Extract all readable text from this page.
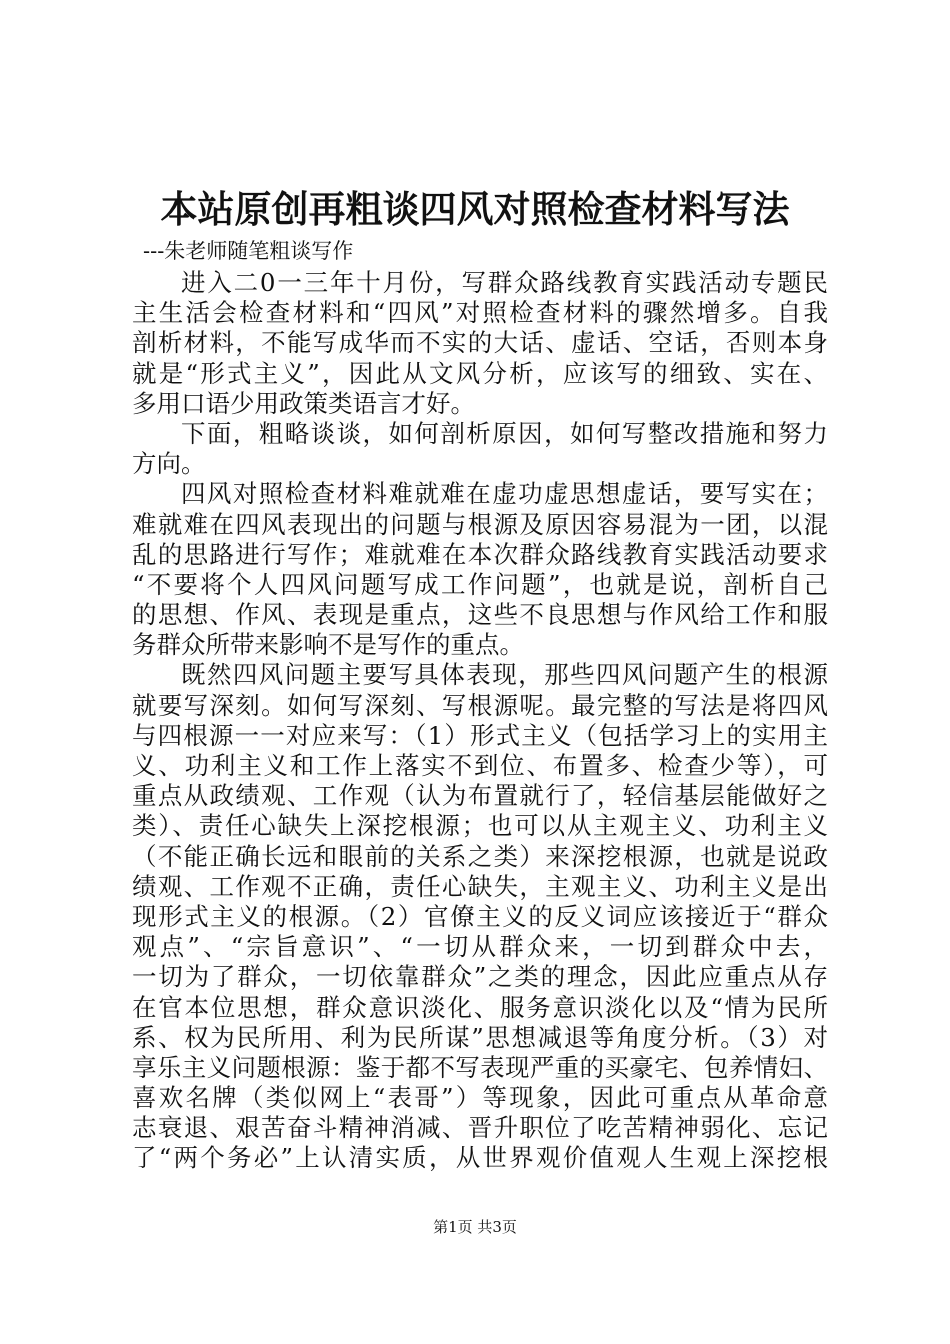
本站原创再粗谈四风对照检查材料写法
---朱老师随笔粗谈写作
进入二0一三年十月份，写群众路线教育实践活动专题民
主生活会检查材料和“四风”对照检查材料的骤然增多。自我
剖析材料，不能写成华而不实的大话、虚话、空话，否则本身
就是“形式主义”，因此从文风分析，应该写的细致、实在、
多用口语少用政策类语言才好。
下面，粗略谈谈，如何剖析原因，如何写整改措施和努力
方向。
四风对照检查材料难就难在虚功虚思想虚话，要写实在；
难就难在四风表现出的问题与根源及原因容易混为一团，以混
乱的思路进行写作；难就难在本次群众路线教育实践活动要求
“不要将个人四风问题写成工作问题”，也就是说，剖析自己
的思想、作风、表现是重点，这些不良思想与作风给工作和服
务群众所带来影响不是写作的重点。
既然四风问题主要写具体表现，那些四风问题产生的根源
就要写深刻。如何写深刻、写根源呢。最完整的写法是将四风
与四根源一一对应来写：（1）形式主义（包括学习上的实用主
义、功利主义和工作上落实不到位、布置多、检查少等），可
重点从政绩观、工作观（认为布置就行了，轻信基层能做好之
类）、责任心缺失上深挖根源；也可以从主观主义、功利主义
（不能正确长远和眼前的关系之类）来深挖根源，也就是说政
绩观、工作观不正确，责任心缺失，主观主义、功利主义是出
现形式主义的根源。（2）官僚主义的反义词应该接近于“群众
观点”、“宗旨意识”、“一切从群众来，一切到群众中去，
一切为了群众，一切依靠群众”之类的理念，因此应重点从存
在官本位思想，群众意识淡化、服务意识淡化以及“情为民所
系、权为民所用、利为民所谋”思想减退等角度分析。（3）对
享乐主义问题根源：鉴于都不写表现严重的买豪宅、包养情妇、
喜欢名牌（类似网上“表哥”）等现象，因此可重点从革命意
志衰退、艰苦奋斗精神消减、晋升职位了吃苦精神弱化、忘记
了“两个务必”上认清实质，从世界观价值观人生观上深挖根
第1页 共3页
